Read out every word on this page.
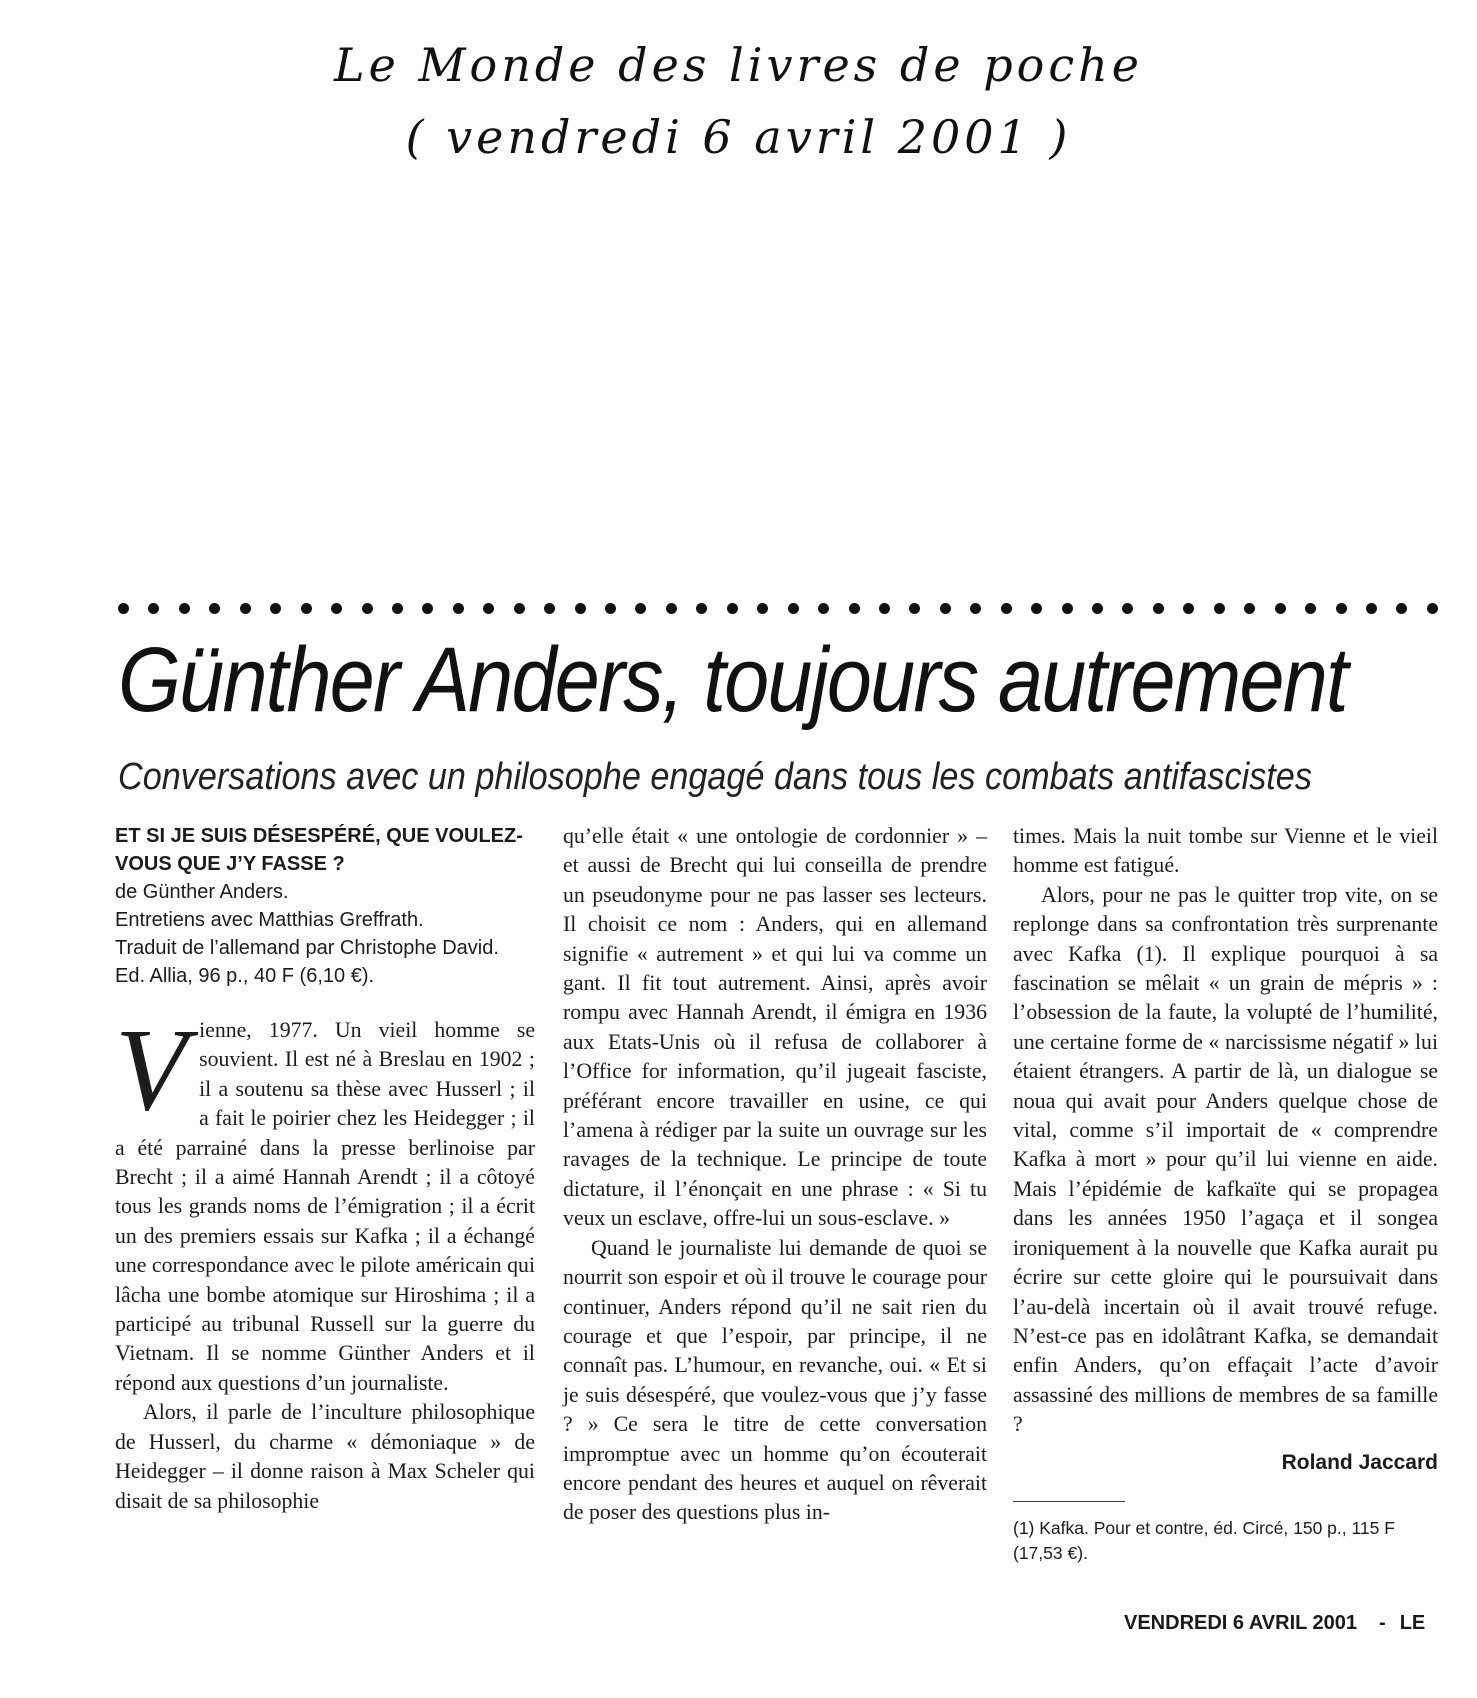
Le Monde des livres de poche
( vendredi 6 avril 2001 )
Günther Anders, toujours autrement
Conversations avec un philosophe engagé dans tous les combats antifascistes
ET SI JE SUIS DÉSESPÉRÉ, QUE VOULEZ-VOUS QUE J’Y FASSE ?
de Günther Anders.
Entretiens avec Matthias Greffrath.
Traduit de l’allemand par Christophe David.
Ed. Allia, 96 p., 40 F (6,10 €).

Vienne, 1977. Un vieil homme se souvient. Il est né à Breslau en 1902 ; il a soutenu sa thèse avec Husserl ; il a fait le poirier chez les Heidegger ; il a été parrainé dans la presse berlinoise par Brecht ; il a aimé Hannah Arendt ; il a côtoyé tous les grands noms de l’émigration ; il a écrit un des premiers essais sur Kafka ; il a échangé une correspondance avec le pilote américain qui lâcha une bombe atomique sur Hiroshima ; il a participé au tribunal Russell sur la guerre du Vietnam. Il se nomme Günther Anders et il répond aux questions d’un journaliste.

Alors, il parle de l’inculture philosophique de Husserl, du charme « démoniaque » de Heidegger – il donne raison à Max Scheler qui disait de sa philosophie

qu’elle était « une ontologie de cordonnier » – et aussi de Brecht qui lui conseilla de prendre un pseudonyme pour ne pas lasser ses lecteurs. Il choisit ce nom : Anders, qui en allemand signifie « autrement » et qui lui va comme un gant. Il fit tout autrement. Ainsi, après avoir rompu avec Hannah Arendt, il émigra en 1936 aux Etats-Unis où il refusa de collaborer à l’Office for information, qu’il jugeait fasciste, préférant encore travailler en usine, ce qui l’amena à rédiger par la suite un ouvrage sur les ravages de la technique. Le principe de toute dictature, il l’énonçait en une phrase : « Si tu veux un esclave, offre-lui un sous-esclave. »

Quand le journaliste lui demande de quoi se nourrit son espoir et où il trouve le courage pour continuer, Anders répond qu’il ne sait rien du courage et que l’espoir, par principe, il ne connaît pas. L’humour, en revanche, oui. « Et si je suis désespéré, que voulez-vous que j’y fasse ? » Ce sera le titre de cette conversation impromptue avec un homme qu’on écouterait encore pendant des heures et auquel on rêverait de poser des questions plus in-

times. Mais la nuit tombe sur Vienne et le vieil homme est fatigué.

Alors, pour ne pas le quitter trop vite, on se replonge dans sa confrontation très surprenante avec Kafka (1). Il explique pourquoi à sa fascination se mêlait « un grain de mépris » : l’obsession de la faute, la volupté de l’humilité, une certaine forme de « narcissisme négatif » lui étaient étrangers. A partir de là, un dialogue se noua qui avait pour Anders quelque chose de vital, comme s’il importait de « comprendre Kafka à mort » pour qu’il lui vienne en aide. Mais l’épidémie de kafkaïte qui se propagea dans les années 1950 l’agaça et il songea ironiquement à la nouvelle que Kafka aurait pu écrire sur cette gloire qui le poursuivait dans l’au-delà incertain où il avait trouvé refuge. N’est-ce pas en idolâtrant Kafka, se demandait enfin Anders, qu’on effaçait l’acte d’avoir assassiné des millions de membres de sa famille ?

Roland Jaccard
(1) Kafka. Pour et contre, éd. Circé, 150 p., 115 F (17,53 €).
VENDREDI 6 AVRIL 2001 - LE
